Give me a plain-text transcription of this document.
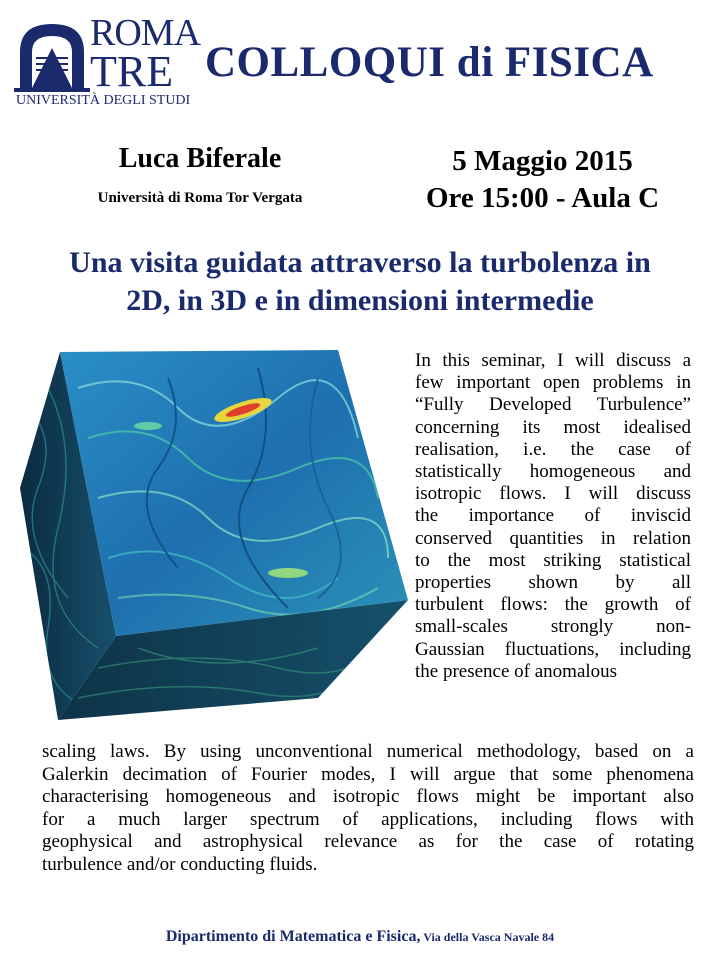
ROMA
TRE
UNIVERSITÀ DEGLI STUDI
COLLOQUI di FISICA
Luca Biferale
Università di Roma Tor Vergata
5 Maggio 2015
Ore 15:00 - Aula C
Una visita guidata attraverso la turbolenza in
2D, in 3D e in dimensioni intermedie
In this seminar, I will discuss a
few important open problems in
“Fully Developed Turbulence”
concerning its most idealised
realisation, i.e. the case of
statistically homogeneous and
isotropic flows. I will discuss
the importance of inviscid
conserved quantities in relation
to the most striking statistical
properties shown by all
turbulent flows: the growth of
small-scales strongly non-
Gaussian fluctuations, including
the presence of anomalous
scaling laws. By using unconventional numerical methodology, based on a
Galerkin decimation of Fourier modes, I will argue that some phenomena
characterising homogeneous and isotropic flows might be important also
for a much larger spectrum of applications, including flows with
geophysical and astrophysical relevance as for the case of rotating
turbulence and/or conducting fluids.
Dipartimento di Matematica e Fisica, Via della Vasca Navale 84
